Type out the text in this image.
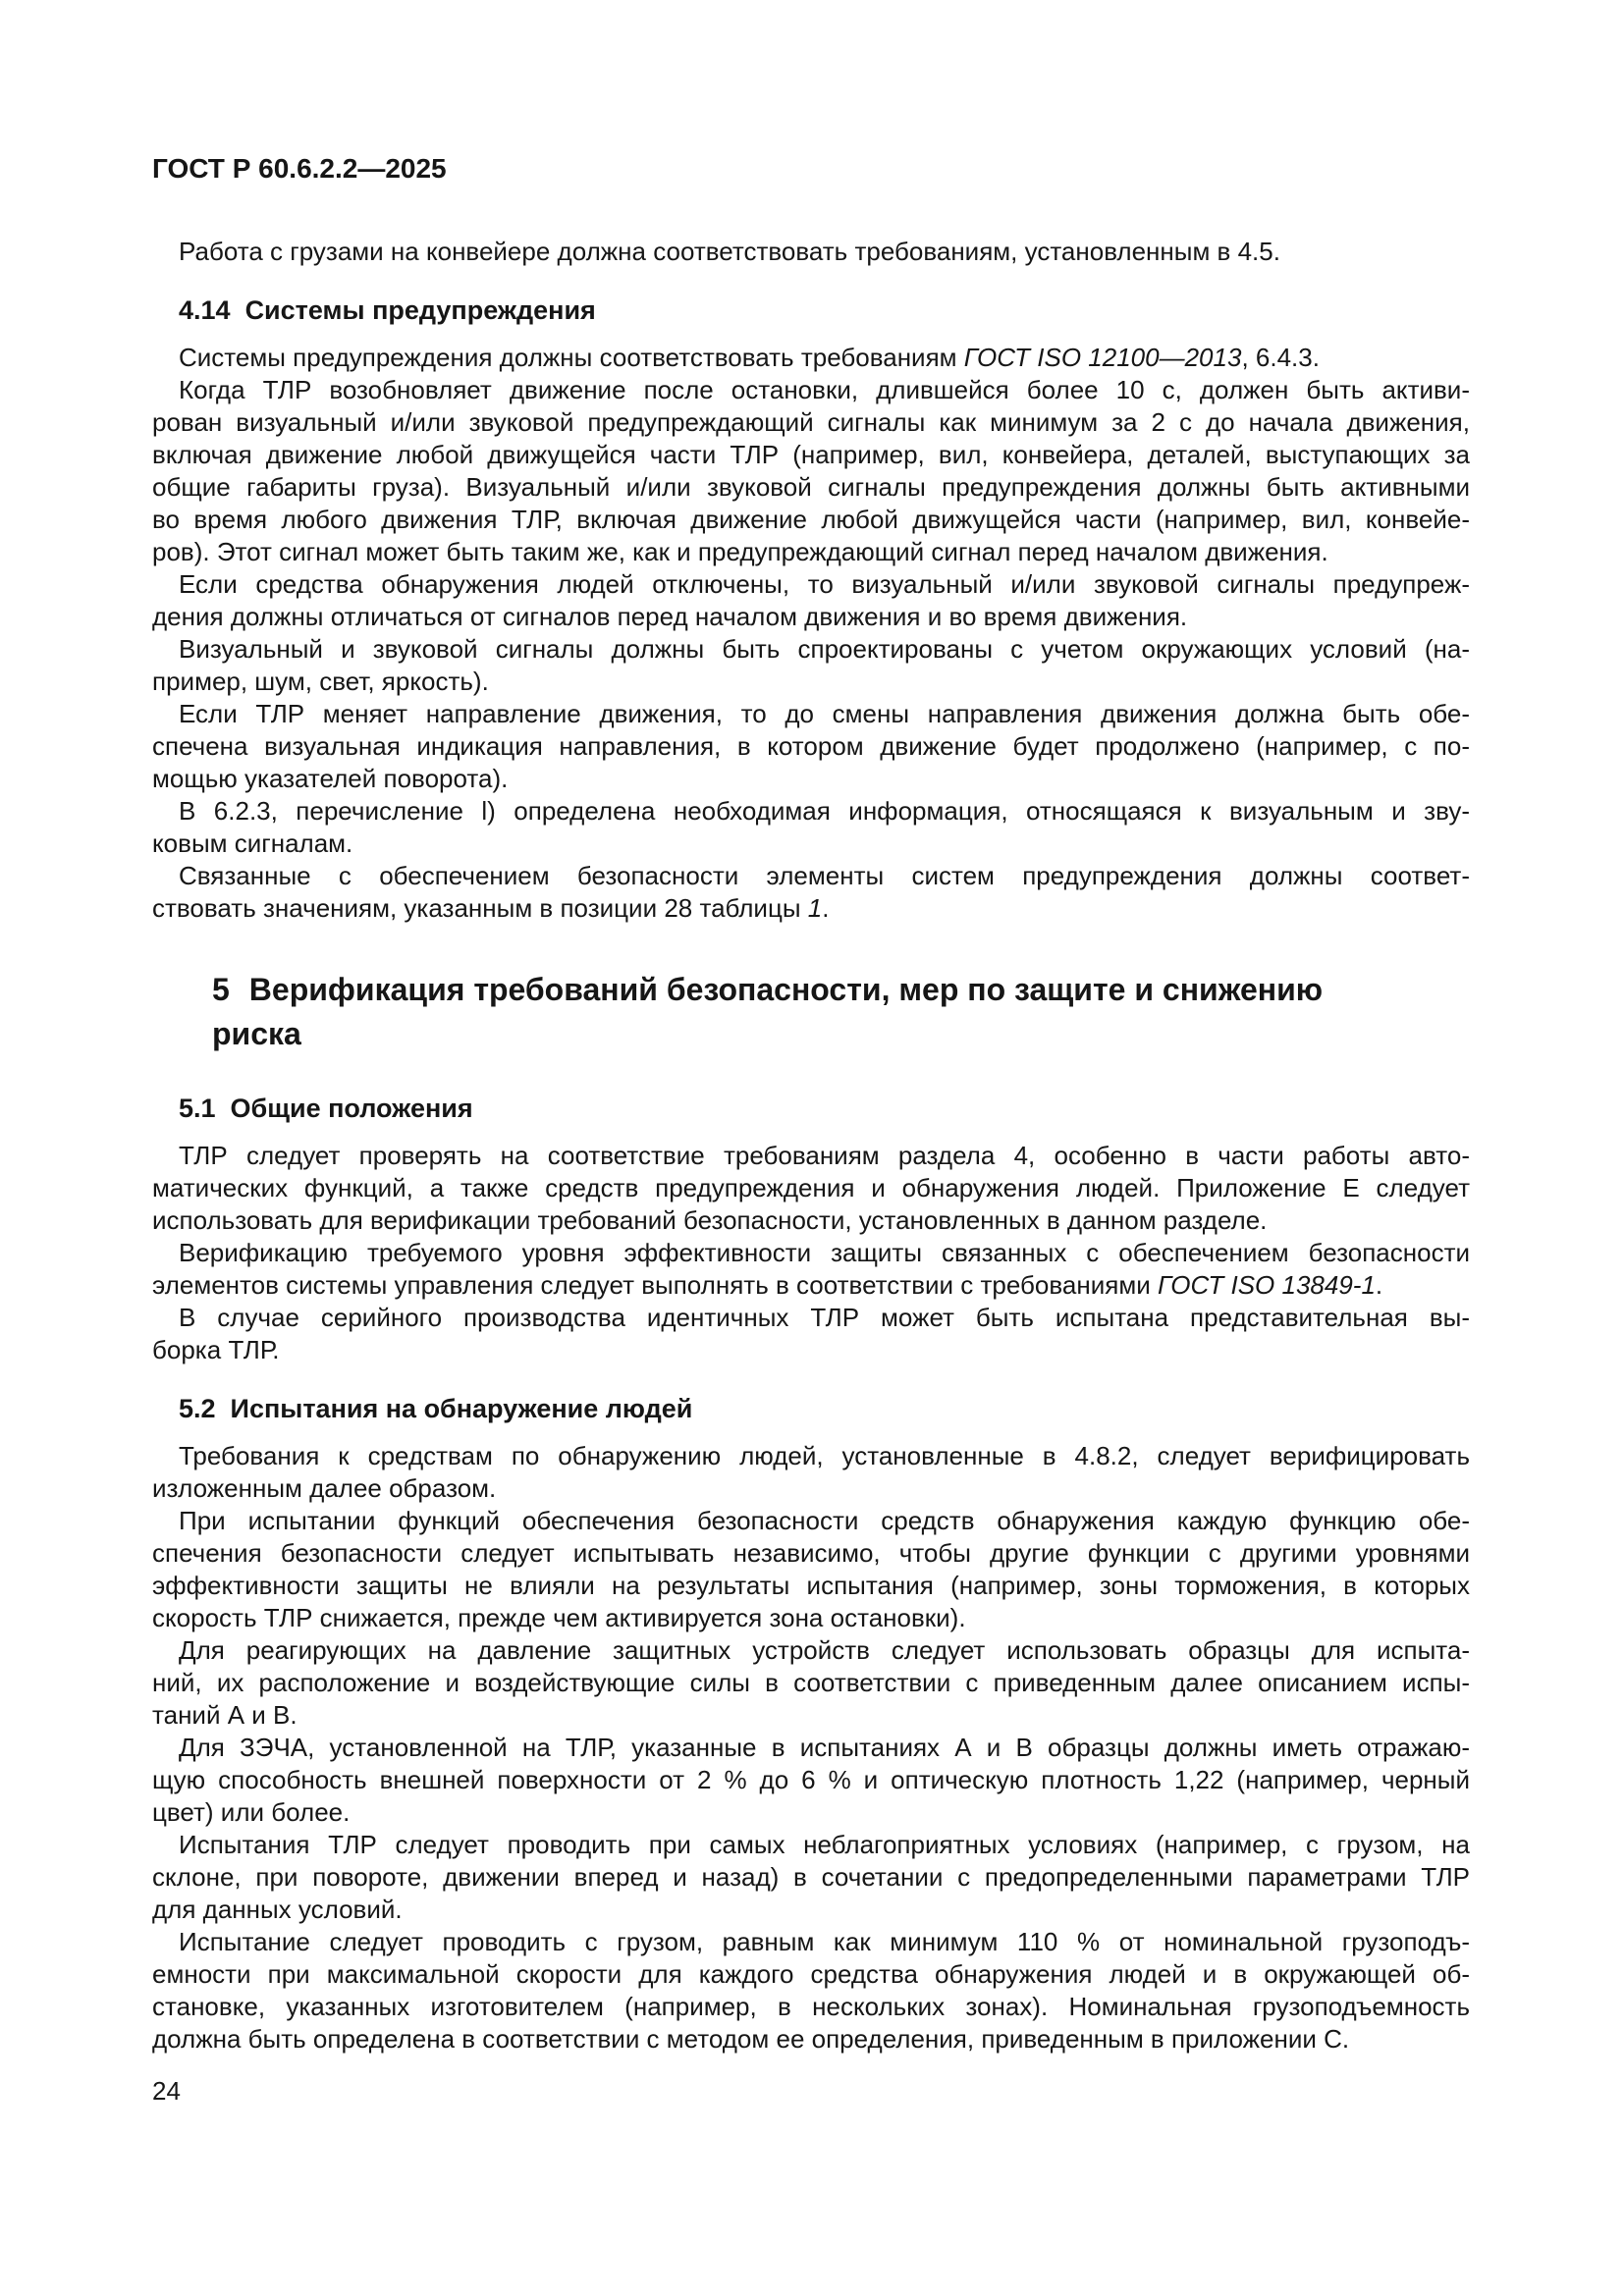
ГОСТ Р 60.6.2.2—2025
Работа с грузами на конвейере должна соответствовать требованиям, установленным в 4.5.
4.14 Системы предупреждения
Системы предупреждения должны соответствовать требованиям ГОСТ ISO 12100—2013, 6.4.3.
Когда ТЛР возобновляет движение после остановки, длившейся более 10 с, должен быть активи-
рован визуальный и/или звуковой предупреждающий сигналы как минимум за 2 с до начала движения,
включая движение любой движущейся части ТЛР (например, вил, конвейера, деталей, выступающих за
общие габариты груза). Визуальный и/или звуковой сигналы предупреждения должны быть активными
во время любого движения ТЛР, включая движение любой движущейся части (например, вил, конвейе-
ров). Этот сигнал может быть таким же, как и предупреждающий сигнал перед началом движения.
Если средства обнаружения людей отключены, то визуальный и/или звуковой сигналы предупреж-
дения должны отличаться от сигналов перед началом движения и во время движения.
Визуальный и звуковой сигналы должны быть спроектированы с учетом окружающих условий (на-
пример, шум, свет, яркость).
Если ТЛР меняет направление движения, то до смены направления движения должна быть обе-
спечена визуальная индикация направления, в котором движение будет продолжено (например, с по-
мощью указателей поворота).
В 6.2.3, перечисление l) определена необходимая информация, относящаяся к визуальным и зву-
ковым сигналам.
Связанные с обеспечением безопасности элементы систем предупреждения должны соответ-
ствовать значениям, указанным в позиции 28 таблицы 1.
5 Верификация требований безопасности, мер по защите и снижению
риска
5.1 Общие положения
ТЛР следует проверять на соответствие требованиям раздела 4, особенно в части работы авто-
матических функций, а также средств предупреждения и обнаружения людей. Приложение Е следует
использовать для верификации требований безопасности, установленных в данном разделе.
Верификацию требуемого уровня эффективности защиты связанных с обеспечением безопасности
элементов системы управления следует выполнять в соответствии с требованиями ГОСТ ISO 13849-1.
В случае серийного производства идентичных ТЛР может быть испытана представительная вы-
борка ТЛР.
5.2 Испытания на обнаружение людей
Требования к средствам по обнаружению людей, установленные в 4.8.2, следует верифицировать
изложенным далее образом.
При испытании функций обеспечения безопасности средств обнаружения каждую функцию обе-
спечения безопасности следует испытывать независимо, чтобы другие функции с другими уровнями
эффективности защиты не влияли на результаты испытания (например, зоны торможения, в которых
скорость ТЛР снижается, прежде чем активируется зона остановки).
Для реагирующих на давление защитных устройств следует использовать образцы для испыта-
ний, их расположение и воздействующие силы в соответствии с приведенным далее описанием испы-
таний А и В.
Для ЗЭЧА, установленной на ТЛР, указанные в испытаниях А и В образцы должны иметь отражаю-
щую способность внешней поверхности от 2 % до 6 % и оптическую плотность 1,22 (например, черный
цвет) или более.
Испытания ТЛР следует проводить при самых неблагоприятных условиях (например, с грузом, на
склоне, при повороте, движении вперед и назад) в сочетании с предопределенными параметрами ТЛР
для данных условий.
Испытание следует проводить с грузом, равным как минимум 110 % от номинальной грузоподъ-
емности при максимальной скорости для каждого средства обнаружения людей и в окружающей об-
становке, указанных изготовителем (например, в нескольких зонах). Номинальная грузоподъемность
должна быть определена в соответствии с методом ее определения, приведенным в приложении С.
24
